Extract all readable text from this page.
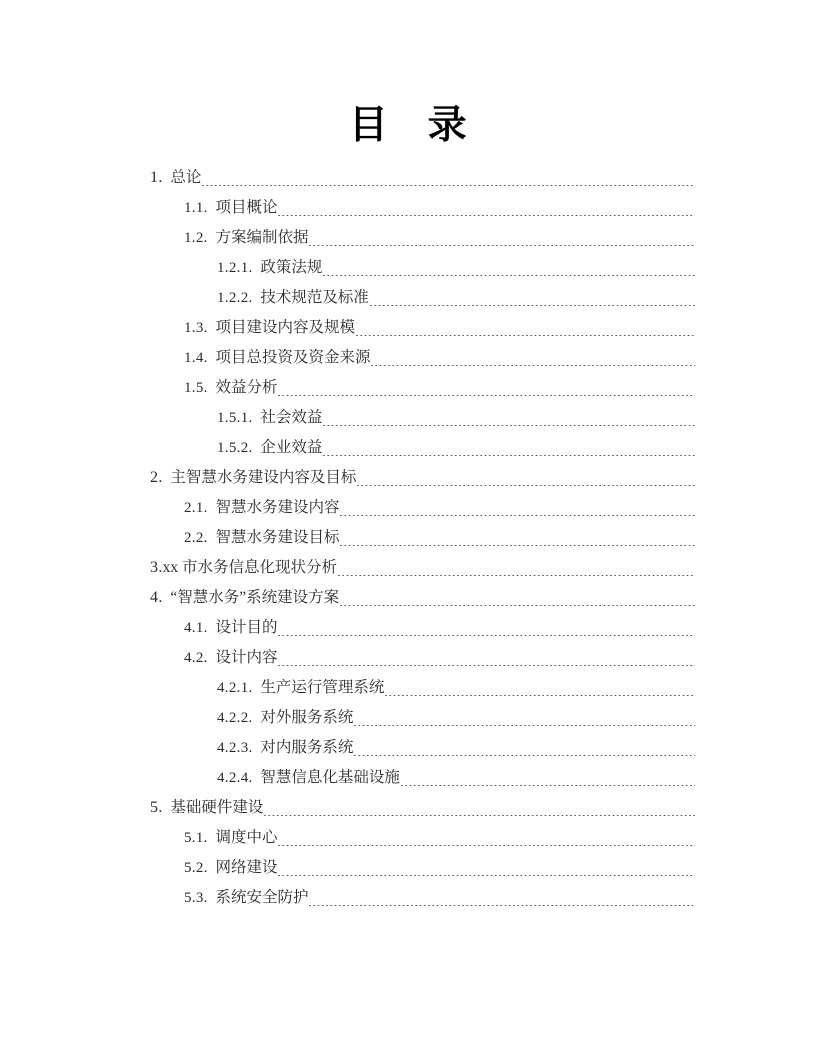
目　录
1.
总论
1.1.
项目概论
1.2.
方案编制依据
1.2.1.
政策法规
1.2.2.
技术规范及标准
1.3.
项目建设内容及规模
1.4.
项目总投资及资金来源
1.5.
效益分析
1.5.1.
社会效益
1.5.2.
企业效益
2.
主智慧水务建设内容及目标
2.1.
智慧水务建设内容
2.2.
智慧水务建设目标
3. xx 市水务信息化现状分析
4.
“智慧水务”系统建设方案
4.1.
设计目的
4.2.
设计内容
4.2.1.
生产运行管理系统
4.2.2.
对外服务系统
4.2.3.
对内服务系统
4.2.4.
智慧信息化基础设施
5.
基础硬件建设
5.1.
调度中心
5.2.
网络建设
5.3.
系统安全防护
